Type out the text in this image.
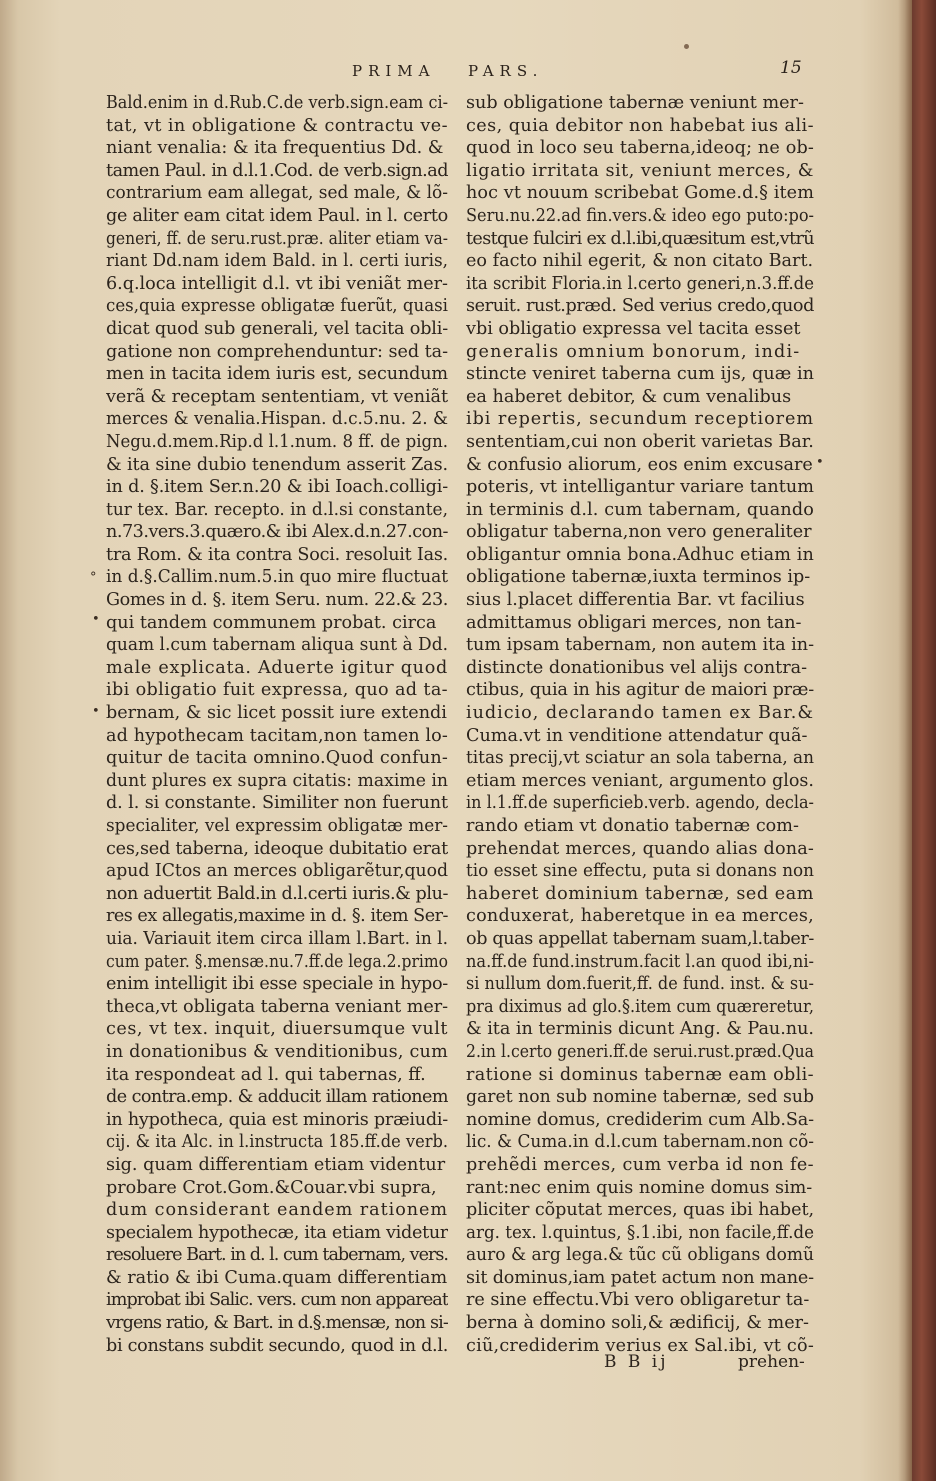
PRIMA PARS.	15
Bald.enim in d.Rub.C.de verb.sign.eam ci-
tat, vt in obligatione & contractu ve-
niant venalia: & ita frequentius Dd. &
tamen Paul. in d.l.1.Cod. de verb.sign.ad
contrarium eam allegat, sed male, & lõ-
ge aliter eam citat idem Paul. in l. certo
generi, ff. de seru.rust.præ. aliter etiam va-
riant Dd.nam idem Bald. in l. certi iuris,
6.q.loca intelligit d.l. vt ibi veniãt mer-
ces,quia expresse obligatæ fuerũt, quasi
dicat quod sub generali, vel tacita obli-
gatione non comprehenduntur: sed ta-
men in tacita idem iuris est, secundum
verã & receptam sententiam, vt veniãt
merces & venalia.Hispan. d.c.5.nu. 2. &
Negu.d.mem.Rip.d l.1.num. 8 ff. de pign.
& ita sine dubio tenendum asserit Zas.
in d. §.item Ser.n.20 & ibi Ioach.colligi-
tur tex. Bar. recepto. in d.l.si constante,
n.73.vers.3.quæro.& ibi Alex.d.n.27.con-
tra Rom. & ita contra Soci. resoluit Ias.
in d.§.Callim.num.5.in quo mire fluctuat
Gomes in d. §. item Seru. num. 22.& 23.
qui tandem communem probat. circa
quam l.cum tabernam aliqua sunt à Dd.
male explicata. Aduerte igitur quod
ibi obligatio fuit expressa, quo ad ta-
bernam, & sic licet possit iure extendi
ad hypothecam tacitam,non tamen lo-
quitur de tacita omnino.Quod confun-
dunt plures ex supra citatis: maxime in
d. l. si constante. Similiter non fuerunt
specialiter, vel expressim obligatæ mer-
ces,sed taberna, ideoque dubitatio erat
apud ICtos an merces obligarẽtur,quod
non aduertit Bald.in d.l.certi iuris.& plu-
res ex allegatis,maxime in d. §. item Ser-
uia. Variauit item circa illam l.Bart. in l.
cum pater. §.mensæ.nu.7.ff.de lega.2.primo
enim intelligit ibi esse speciale in hypo-
theca,vt obligata taberna veniant mer-
ces, vt tex. inquit, diuersumque vult
in donationibus & venditionibus, cum
ita respondeat ad l. qui tabernas, ff.
de contra.emp. & adducit illam rationem
in hypotheca, quia est minoris præiudi-
cij. & ita Alc. in l.instructa 185.ff.de verb.
sig. quam differentiam etiam videntur
probare Crot.Gom.&Couar.vbi supra,
dum considerant eandem rationem
specialem hypothecæ, ita etiam videtur
resoluere Bart. in d. l. cum tabernam, vers.
& ratio & ibi Cuma.quam differentiam
improbat ibi Salic. vers. cum non appareat
vrgens ratio, & Bart. in d.§.mensæ, non si-
bi constans subdit secundo, quod in d.l.
sub obligatione tabernæ veniunt mer-
ces, quia debitor non habebat ius ali-
quod in loco seu taberna,ideoq; ne ob-
ligatio irritata sit, veniunt merces, &
hoc vt nouum scribebat Gome.d.§ item
Seru.nu.22.ad fin.vers.& ideo ego puto:po-
testque fulciri ex d.l.ibi,quæsitum est,vtrũ
eo facto nihil egerit, & non citato Bart.
ita scribit Floria.in l.certo generi,n.3.ff.de
seruit. rust.præd. Sed verius credo,quod
vbi obligatio expressa vel tacita esset
generalis omnium bonorum, indi-
stincte veniret taberna cum ijs, quæ in
ea haberet debitor, & cum venalibus
ibi repertis, secundum receptiorem
sententiam,cui non oberit varietas Bar.
& confusio aliorum, eos enim excusare
poteris, vt intelligantur variare tantum
in terminis d.l. cum tabernam, quando
obligatur taberna,non vero generaliter
obligantur omnia bona.Adhuc etiam in
obligatione tabernæ,iuxta terminos ip-
sius l.placet differentia Bar. vt facilius
admittamus obligari merces, non tan-
tum ipsam tabernam, non autem ita in-
distincte donationibus vel alijs contra-
ctibus, quia in his agitur de maiori præ-
iudicio, declarando tamen ex Bar.&
Cuma.vt in venditione attendatur quã-
titas precij,vt sciatur an sola taberna, an
etiam merces veniant, argumento glos.
in l.1.ff.de superficieb.verb. agendo, decla-
rando etiam vt donatio tabernæ com-
prehendat merces, quando alias dona-
tio esset sine effectu, puta si donans non
haberet dominium tabernæ, sed eam
conduxerat, haberetque in ea merces,
ob quas appellat tabernam suam,l.taber-
na.ff.de fund.instrum.facit l.an quod ibi,ni-
si nullum dom.fuerit,ff. de fund. inst. & su-
pra diximus ad glo.§.item cum quæreretur,
& ita in terminis dicunt Ang. & Pau.nu.
2.in l.certo generi.ff.de serui.rust.præd.Qua
ratione si dominus tabernæ eam obli-
garet non sub nomine tabernæ, sed sub
nomine domus, crediderim cum Alb.Sa-
lic. & Cuma.in d.l.cum tabernam.non cõ-
prehẽdi merces, cum verba id non fe-
rant:nec enim quis nomine domus sim-
pliciter cõputat merces, quas ibi habet,
arg. tex. l.quintus, §.1.ibi, non facile,ff.de
auro & arg lega.& tũc cũ obligans domũ
sit dominus,iam patet actum non mane-
re sine effectu.Vbi vero obligaretur ta-
berna à domino soli,& ædificij, & mer-
ciũ,crediderim verius ex Sal.ibi, vt cõ-
°
•
•
•
B B ij	prehen-
